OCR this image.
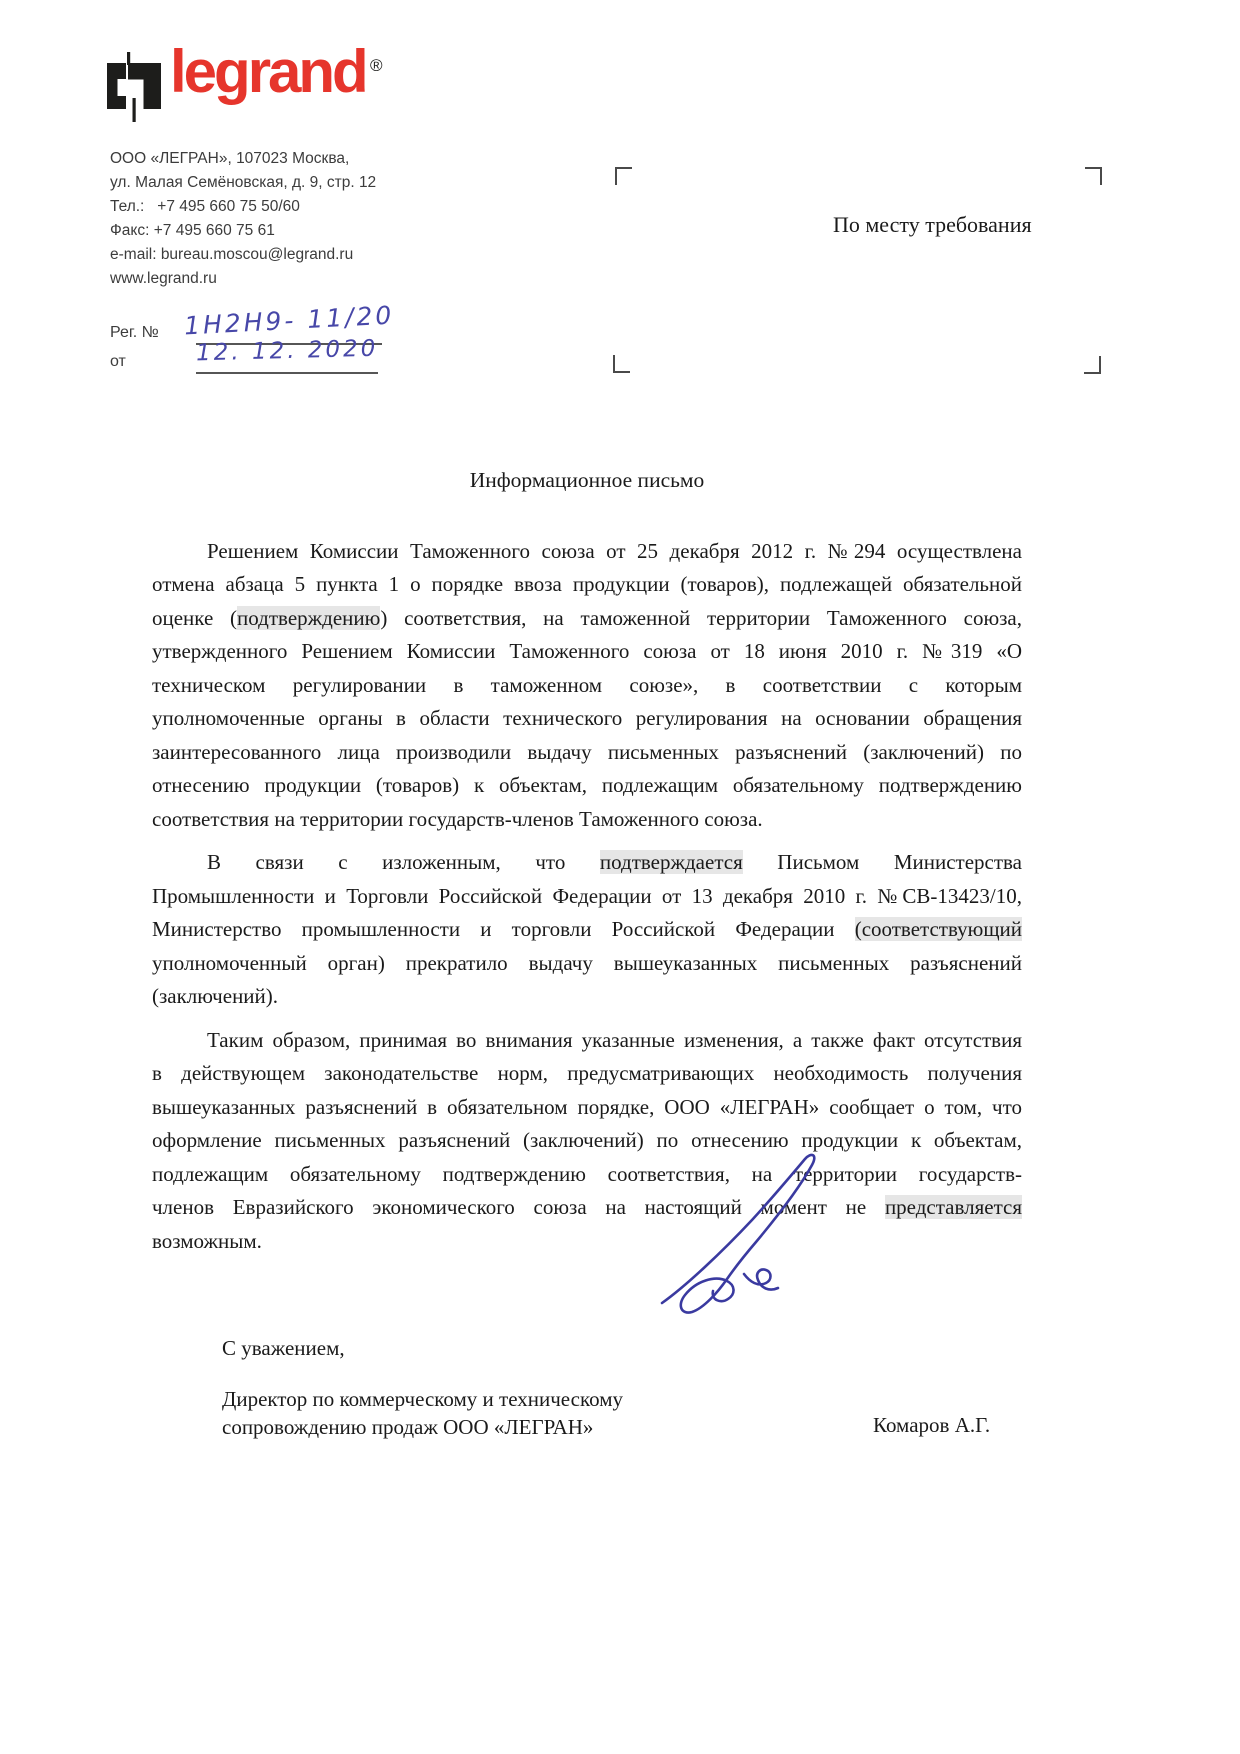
legrand ®
ООО «ЛЕГРАН», 107023 Москва,
ул. Малая Семёновская, д. 9, стр. 12
Тел.:   +7 495 660 75 50/60
Факс: +7 495 660 75 61
e-mail: bureau.moscou@legrand.ru
www.legrand.ru
По месту требования
Рег. № 1Н2Н9- 11/20
от	12. 12. 2020
Информационное письмо
Решением Комиссии Таможенного союза от 25 декабря 2012 г. №294 осуществлена
отмена абзаца 5 пункта 1 о порядке ввоза продукции (товаров), подлежащей обязательной
оценке (подтверждению) соответствия, на таможенной территории Таможенного союза,
утвержденного Решением Комиссии Таможенного союза от 18 июня 2010 г. №319 «О
техническом регулировании в таможенном союзе», в соответствии с которым
уполномоченные органы в области технического регулирования на основании обращения
заинтересованного лица производили выдачу письменных разъяснений (заключений) по
отнесению продукции (товаров) к объектам, подлежащим обязательному подтверждению
соответствия на территории государств-членов Таможенного союза.
В связи с изложенным, что подтверждается Письмом Министерства
Промышленности и Торговли Российской Федерации от 13 декабря 2010 г. №СВ-13423/10,
Министерство промышленности и торговли Российской Федерации (соответствующий
уполномоченный орган) прекратило выдачу вышеуказанных письменных разъяснений
(заключений).
Таким образом, принимая во внимания указанные изменения, а также факт отсутствия
в действующем законодательстве норм, предусматривающих необходимость получения
вышеуказанных разъяснений в обязательном порядке, ООО «ЛЕГРАН» сообщает о том, что
оформление письменных разъяснений (заключений) по отнесению продукции к объектам,
подлежащим обязательному подтверждению соответствия, на территории государств-
членов Евразийского экономического союза на настоящий момент не представляется
возможным.
С уважением,
Директор по коммерческому и техническому
сопровождению продаж ООО «ЛЕГРАН»	Комаров А.Г.
